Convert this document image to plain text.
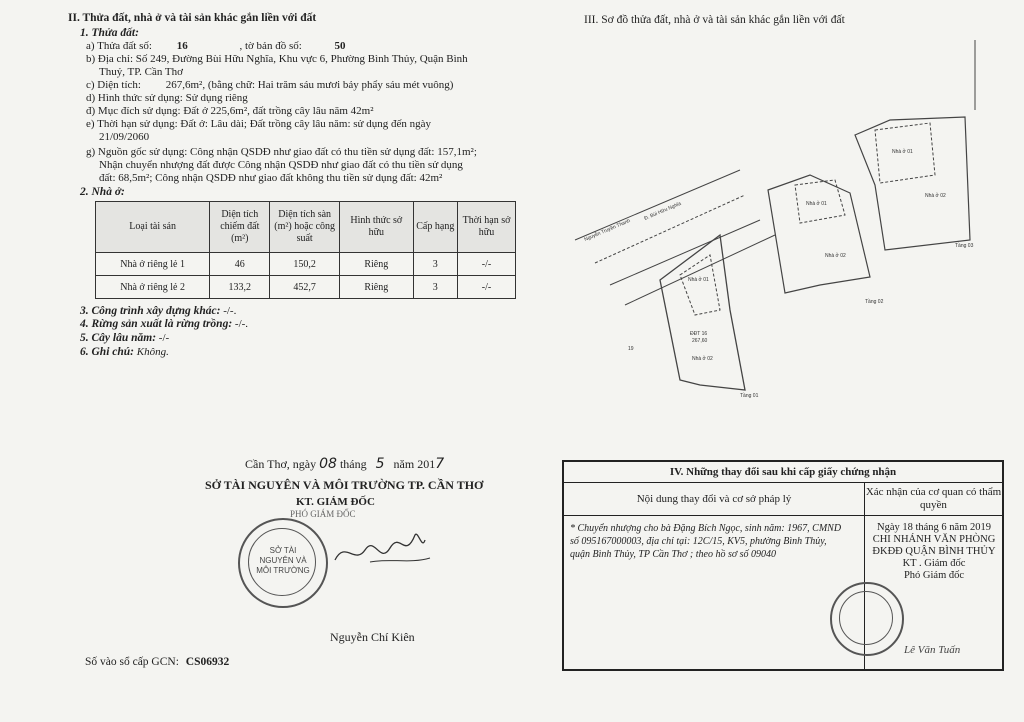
II. Thửa đất, nhà ở và tài sản khác gắn liền với đất
1. Thửa đất:
a) Thửa đất số: 16	, tờ bản đồ số:	50
b) Địa chỉ: Số 249, Đường Bùi Hữu Nghĩa, Khu vực 6, Phường Bình Thủy, Quận Bình
Thuỷ, TP. Cần Thơ
c) Diện tích: 267,6m², (bằng chữ: Hai trăm sáu mươi bảy phẩy sáu mét vuông)
d) Hình thức sử dụng: Sử dụng riêng
đ) Mục đích sử dụng: Đất ở 225,6m², đất trồng cây lâu năm 42m²
e) Thời hạn sử dụng: Đất ở: Lâu dài; Đất trồng cây lâu năm: sử dụng đến ngày
21/09/2060
g) Nguồn gốc sử dụng: Công nhận QSDĐ như giao đất có thu tiền sử dụng đất: 157,1m²;
Nhận chuyển nhượng đất được Công nhận QSDĐ như giao đất có thu tiền sử dụng
đất: 68,5m²; Công nhận QSDĐ như giao đất không thu tiền sử dụng đất: 42m²
2. Nhà ở:
Loại tài sản	Diện tích chiếm đất (m²)	Diện tích sàn (m²) hoặc công suất	Hình thức sở hữu	Cấp hạng	Thời hạn sở hữu
Nhà ở riêng lẻ 1	46	150,2	Riêng	3	-/-
Nhà ở riêng lẻ 2	133,2	452,7	Riêng	3	-/-
3. Công trình xây dựng khác: -/-.
4. Rừng sản xuất là rừng trồng: -/-.
5. Cây lâu năm: -/-
6. Ghi chú: Không.
III. Sơ đồ thửa đất, nhà ở và tài sản khác gắn liền với đất
Nguyễn Truyền Thanh
Đ. Bùi Hữu Nghĩa
ĐĐT 16
267,60
Nhà ở 01
Nhà ở 02
Tầng 01
Nhà ở 01
Nhà ở 02
Tầng 02
Nhà ở 01
Nhà ở 02
Tầng 03
19
Cần Thơ, ngày 08 tháng 5 năm 2017
SỞ TÀI NGUYÊN VÀ MÔI TRƯỜNG TP. CẦN THƠ
KT. GIÁM ĐỐC
PHÓ GIÁM ĐỐC
SỞ TÀI NGUYÊN VÀ MÔI TRƯỜNG
Nguyễn Chí Kiên
Số vào sổ cấp GCN: CS06932
IV. Những thay đổi sau khi cấp giấy chứng nhận
Nội dung thay đổi và cơ sở pháp lý
Xác nhận của cơ quan có thẩm quyền
* Chuyển nhượng cho bà Đặng Bích Ngọc, sinh năm: 1967, CMND
số 095167000003, địa chỉ tại: 12C/15, KV5, phường Bình Thủy,
quận Bình Thủy, TP Cần Thơ ; theo hồ sơ số 09040
Ngày 18 tháng 6 năm 2019
CHI NHÁNH VĂN PHÒNG
ĐKĐĐ QUẬN BÌNH THỦY
KT . Giám đốc
Phó Giám đốc
Lê Văn Tuấn
